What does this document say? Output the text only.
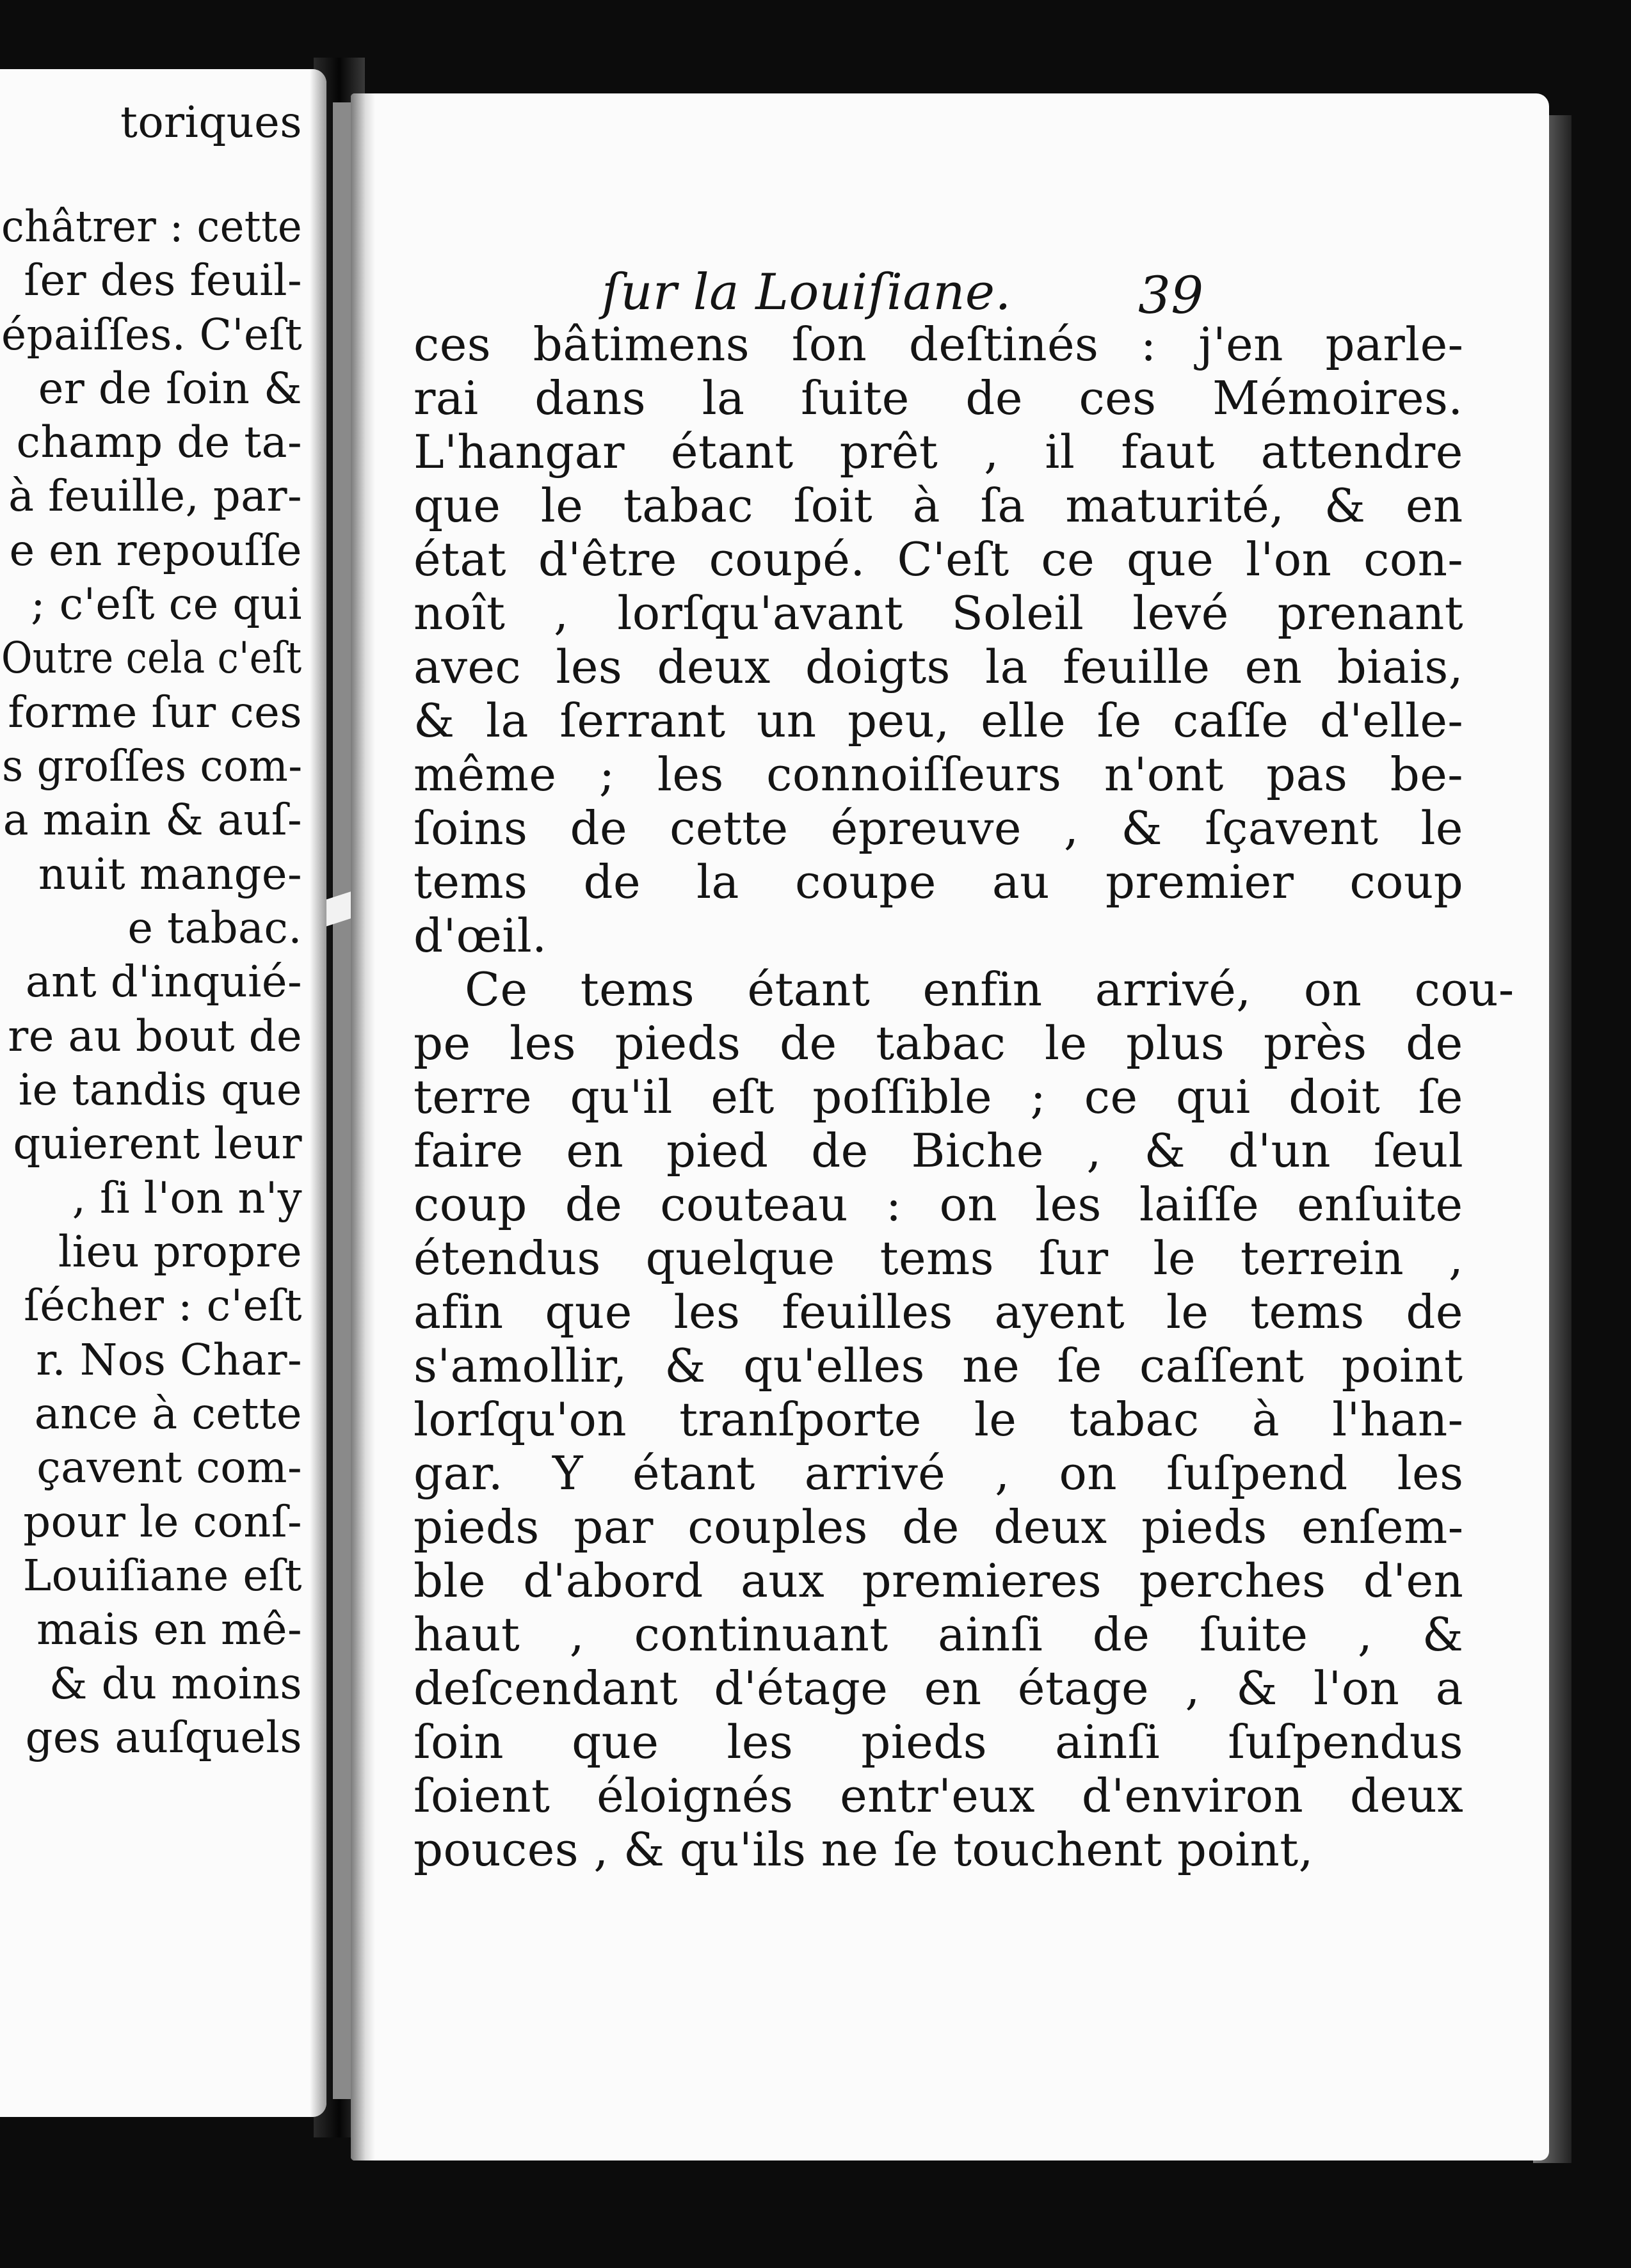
toriques
châtrer : cette
ſer des feuil-
épaiſſes. C'eſt
er de ſoin &
champ de ta-
à feuille, par-
e en repouſſe
; c'eſt ce qui
Outre cela c'eſt
forme ſur ces
s groſſes com-
a main & auſ-
nuit mange-
e tabac.
ant d'inquié-
re au bout de
ie tandis que
quierent leur
, ſi l'on n'y
lieu propre
ſécher : c'eſt
r. Nos Char-
ance à cette
çavent com-
pour le conſ-
Louiſiane eſt
mais en mê-
& du moins
ges auſquels
ſur la Louiſiane. 39
ces bâtimens ſon deſtinés : j'en parle-
rai dans la ſuite de ces Mémoires.
L'hangar étant prêt , il faut attendre
que le tabac ſoit à ſa maturité, & en
état d'être coupé. C'eſt ce que l'on con-
noît , lorſqu'avant Soleil levé prenant
avec les deux doigts la feuille en biais,
& la ſerrant un peu, elle ſe caſſe d'elle-
même ; les connoiſſeurs n'ont pas be-
ſoins de cette épreuve , & ſçavent le
tems de la coupe au premier coup
d'œil.
Ce tems étant enfin arrivé, on cou-
pe les pieds de tabac le plus près de
terre qu'il eſt poſſible ; ce qui doit ſe
faire en pied de Biche , & d'un ſeul
coup de couteau : on les laiſſe enſuite
étendus quelque tems ſur le terrein ,
afin que les feuilles ayent le tems de
s'amollir, & qu'elles ne ſe caſſent point
lorſqu'on tranſporte le tabac à l'han-
gar. Y étant arrivé , on ſuſpend les
pieds par couples de deux pieds enſem-
ble d'abord aux premieres perches d'en
haut , continuant ainſi de ſuite , &
deſcendant d'étage en étage , & l'on a
ſoin que les pieds ainſi ſuſpendus
ſoient éloignés entr'eux d'environ deux
pouces , & qu'ils ne ſe touchent point,
